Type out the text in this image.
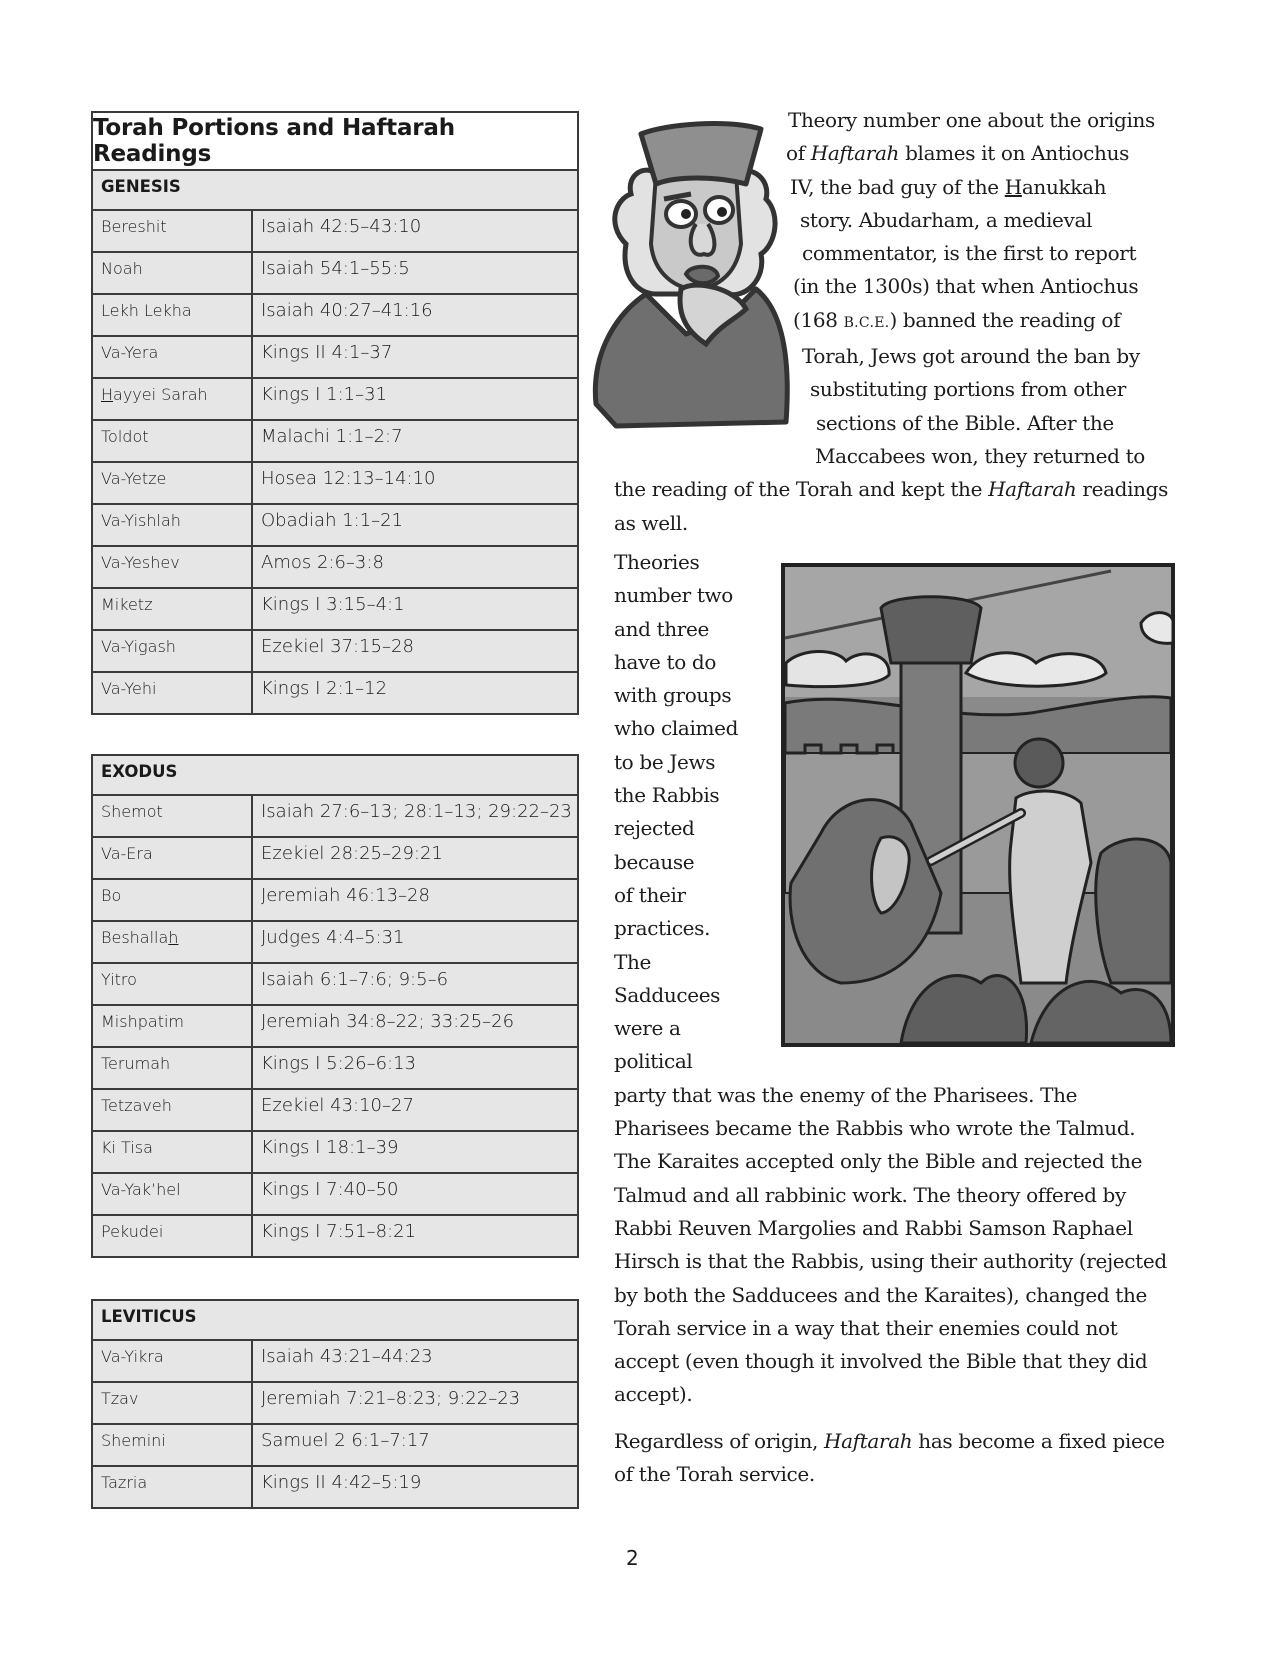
Torah Portions and Haftarah Readings
GENESIS
Bereshit	Isaiah 42:5–43:10
Noah	Isaiah 54:1–55:5
Lekh Lekha	Isaiah 40:27–41:16
Va-Yera	Kings II 4:1–37
Hayyei Sarah	Kings I 1:1–31
Toldot	Malachi 1:1–2:7
Va-Yetze	Hosea 12:13–14:10
Va-Yishlah	Obadiah 1:1–21
Va-Yeshev	Amos 2:6–3:8
Miketz	Kings I 3:15–4:1
Va-Yigash	Ezekiel 37:15–28
Va-Yehi	Kings I 2:1–12
EXODUS
Shemot	Isaiah 27:6–13; 28:1–13; 29:22–23
Va-Era	Ezekiel 28:25–29:21
Bo	Jeremiah 46:13–28
Beshallah	Judges 4:4–5:31
Yitro	Isaiah 6:1–7:6; 9:5–6
Mishpatim	Jeremiah 34:8–22; 33:25–26
Terumah	Kings I 5:26–6:13
Tetzaveh	Ezekiel 43:10–27
Ki Tisa	Kings I 18:1–39
Va-Yak’hel	Kings I 7:40–50
Pekudei	Kings I 7:51–8:21
LEVITICUS
Va-Yikra	Isaiah 43:21–44:23
Tzav	Jeremiah 7:21–8:23; 9:22–23
Shemini	Samuel 2 6:1–7:17
Tazria	Kings II 4:42–5:19
Theory number one about the origins
of Haftarah blames it on Antiochus
IV, the bad guy of the Hanukkah
story. Abudarham, a medieval
commentator, is the first to report
(in the 1300s) that when Antiochus
(168 B.C.E.) banned the reading of
Torah, Jews got around the ban by
substituting portions from other
sections of the Bible. After the
Maccabees won, they returned to
the reading of the Torah and kept the Haftarah readings
as well.
Theories
number two
and three
have to do
with groups
who claimed
to be Jews
the Rabbis
rejected
because
of their
practices.
The
Sadducees
were a
political
party that was the enemy of the Pharisees. The
Pharisees became the Rabbis who wrote the Talmud.
The Karaites accepted only the Bible and rejected the
Talmud and all rabbinic work. The theory offered by
Rabbi Reuven Margolies and Rabbi Samson Raphael
Hirsch is that the Rabbis, using their authority (rejected
by both the Sadducees and the Karaites), changed the
Torah service in a way that their enemies could not
accept (even though it involved the Bible that they did
accept).
Regardless of origin, Haftarah has become a fixed piece
of the Torah service.
2
